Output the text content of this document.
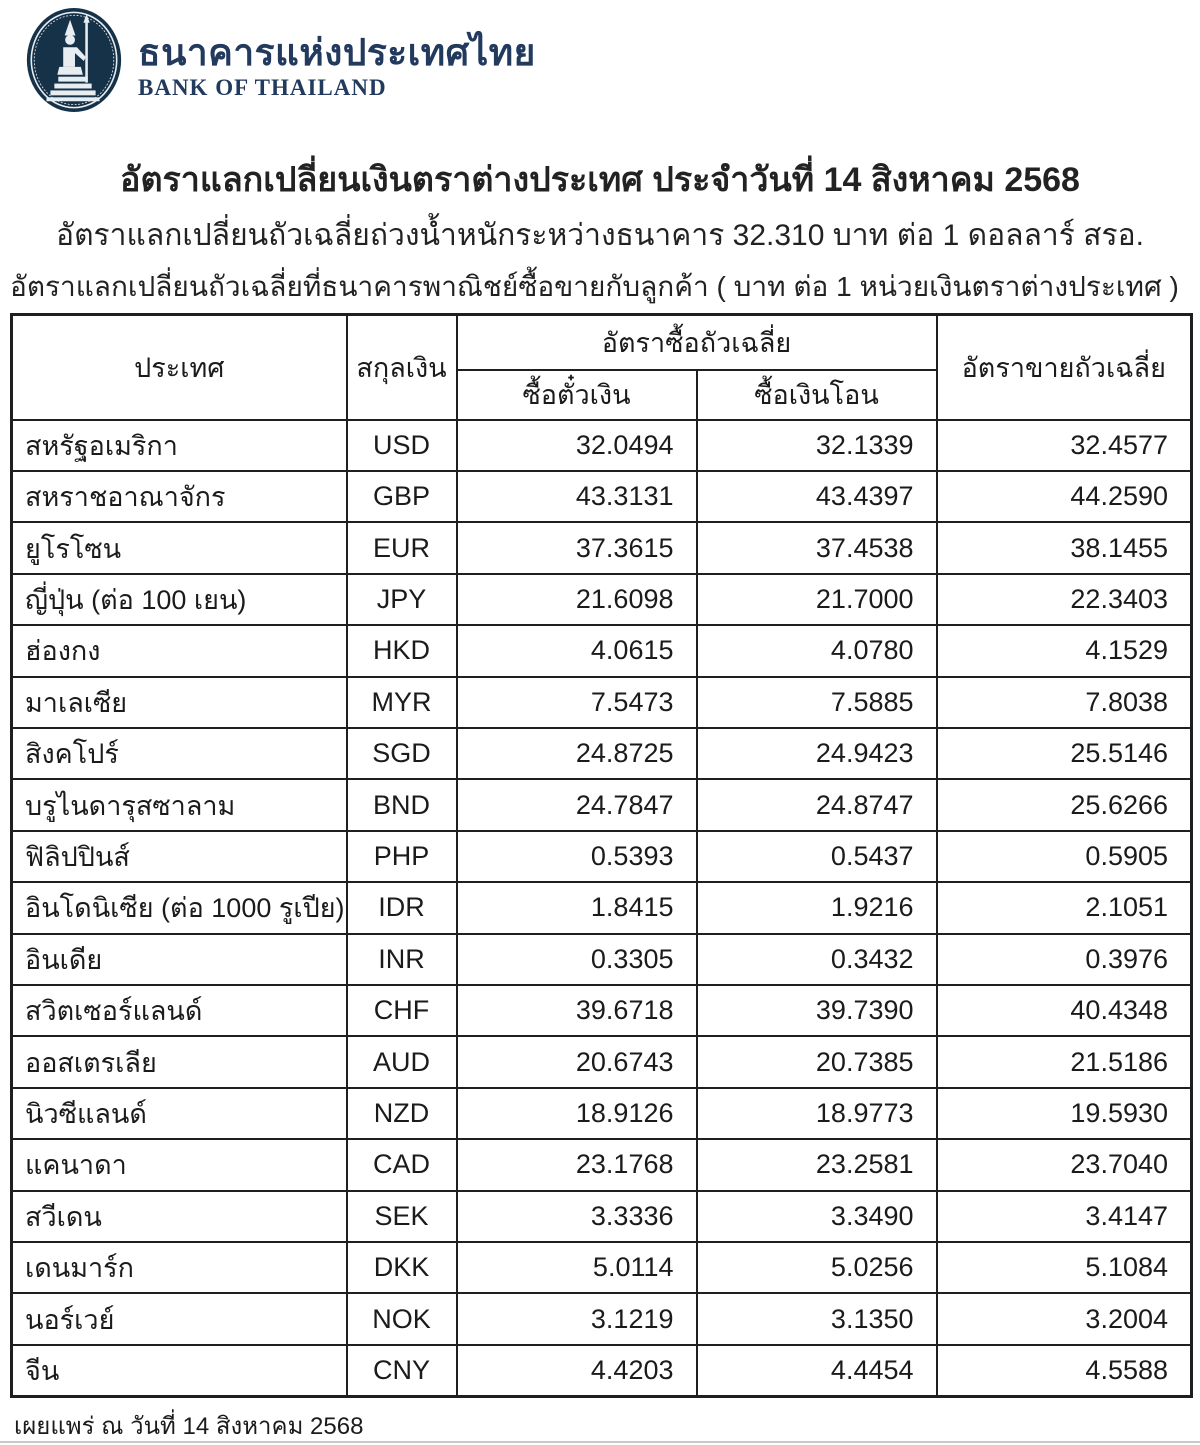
ธนาคารแห่งประเทศไทย
BANK OF THAILAND
อัตราแลกเปลี่ยนเงินตราต่างประเทศ ประจำวันที่ 14 สิงหาคม 2568
อัตราแลกเปลี่ยนถัวเฉลี่ยถ่วงน้ำหนักระหว่างธนาคาร 32.310 บาท ต่อ 1 ดอลลาร์ สรอ.
อัตราแลกเปลี่ยนถัวเฉลี่ยที่ธนาคารพาณิชย์ซื้อขายกับลูกค้า ( บาท ต่อ 1 หน่วยเงินตราต่างประเทศ )
ประเทศ	สกุลเงิน	อัตราซื้อถัวเฉลี่ย		อัตราขายถัวเฉลี่ย
		ซื้อตั๋วเงิน	ซื้อเงินโอน	
สหรัฐอเมริกา	USD	32.0494	32.1339	32.4577
สหราชอาณาจักร	GBP	43.3131	43.4397	44.2590
ยูโรโซน	EUR	37.3615	37.4538	38.1455
ญี่ปุ่น (ต่อ 100 เยน)	JPY	21.6098	21.7000	22.3403
ฮ่องกง	HKD	4.0615	4.0780	4.1529
มาเลเซีย	MYR	7.5473	7.5885	7.8038
สิงคโปร์	SGD	24.8725	24.9423	25.5146
บรูไนดารุสซาลาม	BND	24.7847	24.8747	25.6266
ฟิลิปปินส์	PHP	0.5393	0.5437	0.5905
อินโดนิเซีย (ต่อ 1000 รูเปีย)	IDR	1.8415	1.9216	2.1051
อินเดีย	INR	0.3305	0.3432	0.3976
สวิตเซอร์แลนด์	CHF	39.6718	39.7390	40.4348
ออสเตรเลีย	AUD	20.6743	20.7385	21.5186
นิวซีแลนด์	NZD	18.9126	18.9773	19.5930
แคนาดา	CAD	23.1768	23.2581	23.7040
สวีเดน	SEK	3.3336	3.3490	3.4147
เดนมาร์ก	DKK	5.0114	5.0256	5.1084
นอร์เวย์	NOK	3.1219	3.1350	3.2004
จีน	CNY	4.4203	4.4454	4.5588
เผยแพร่ ณ วันที่ 14 สิงหาคม 2568
